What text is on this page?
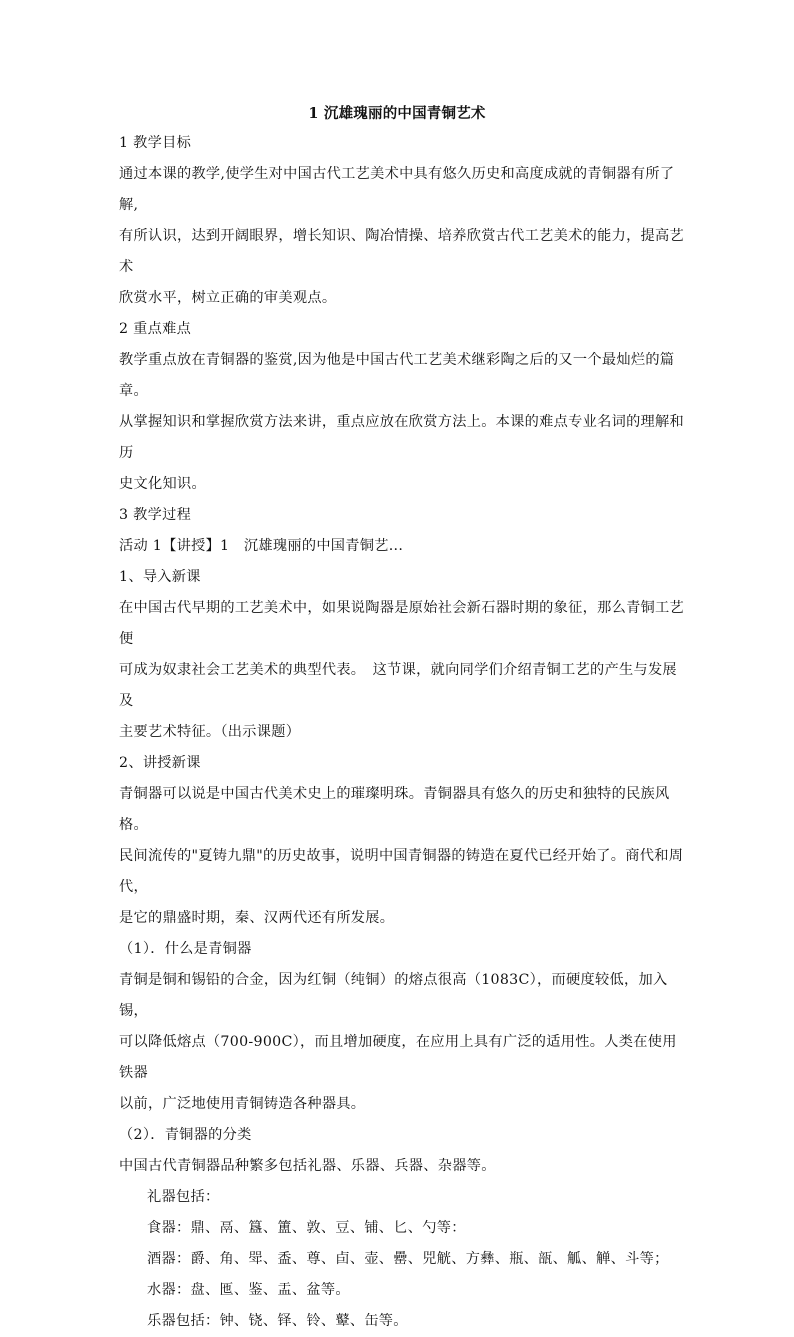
1 沉雄瑰丽的中国青铜艺术

1 教学目标

通过本课的教学,使学生对中国古代工艺美术中具有悠久历史和高度成就的青铜器有所了解,

有所认识，达到开阔眼界，增长知识、陶冶情操、培养欣赏古代工艺美术的能力，提高艺术

欣赏水平，树立正确的审美观点。

2 重点难点

教学重点放在青铜器的鉴赏,因为他是中国古代工艺美术继彩陶之后的又一个最灿烂的篇章。

从掌握知识和掌握欣赏方法来讲，重点应放在欣赏方法上。本课的难点专业名词的理解和历

史文化知识。

3 教学过程

活动 1【讲授】1　沉雄瑰丽的中国青铜艺...

1、导入新课

在中国古代早期的工艺美术中，如果说陶器是原始社会新石器时期的象征，那么青铜工艺便

可成为奴隶社会工艺美术的典型代表。　这节课，就向同学们介绍青铜工艺的产生与发展及

主要艺术特征。（出示课题）

2、讲授新课

青铜器可以说是中国古代美术史上的璀璨明珠。青铜器具有悠久的历史和独特的民族风格。

民间流传的"夏铸九鼎"的历史故事，说明中国青铜器的铸造在夏代已经开始了。商代和周代，

是它的鼎盛时期，秦、汉两代还有所发展。

（1）．什么是青铜器

青铜是铜和锡铅的合金，因为红铜（纯铜）的熔点很高（1083C），而硬度较低，加入锡，

可以降低熔点（700-900C），而且增加硬度，在应用上具有广泛的适用性。人类在使用铁器

以前，广泛地使用青铜铸造各种器具。

（2）．青铜器的分类

中国古代青铜器品种繁多包括礼器、乐器、兵器、杂器等。

礼器包括：

食器：鼎、鬲、簋、簠、敦、豆、铺、匕、勺等：

酒器：爵、角、斝、盉、尊、卣、壶、罍、兕觥、方彝、瓶、瓿、觚、觯、斗等；

水器：盘、匜、鉴、盂、盆等。

乐器包括：钟、铙、铎、铃、鼙、缶等。
